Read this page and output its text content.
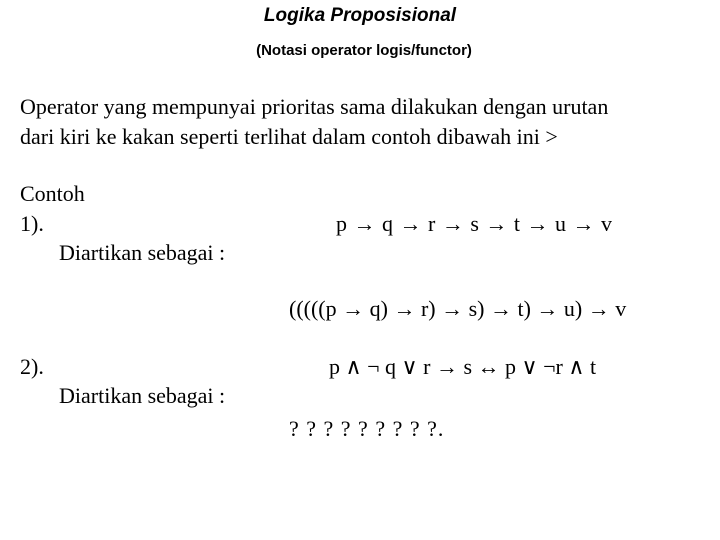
Logika Proposisional
(Notasi operator logis/functor)
Operator yang mempunyai prioritas sama dilakukan dengan urutan
dari kiri ke kakan seperti terlihat dalam contoh dibawah ini >
Contoh
1).	p → q → r → s → t → u → v
Diartikan sebagai :
(((((p → q) → r) → s) → t) → u) → v
2).	p ∧ ¬ q ∨ r → s ↔ p ∨ ¬r ∧ t
Diartikan sebagai :
? ? ? ? ? ? ? ? ?.
